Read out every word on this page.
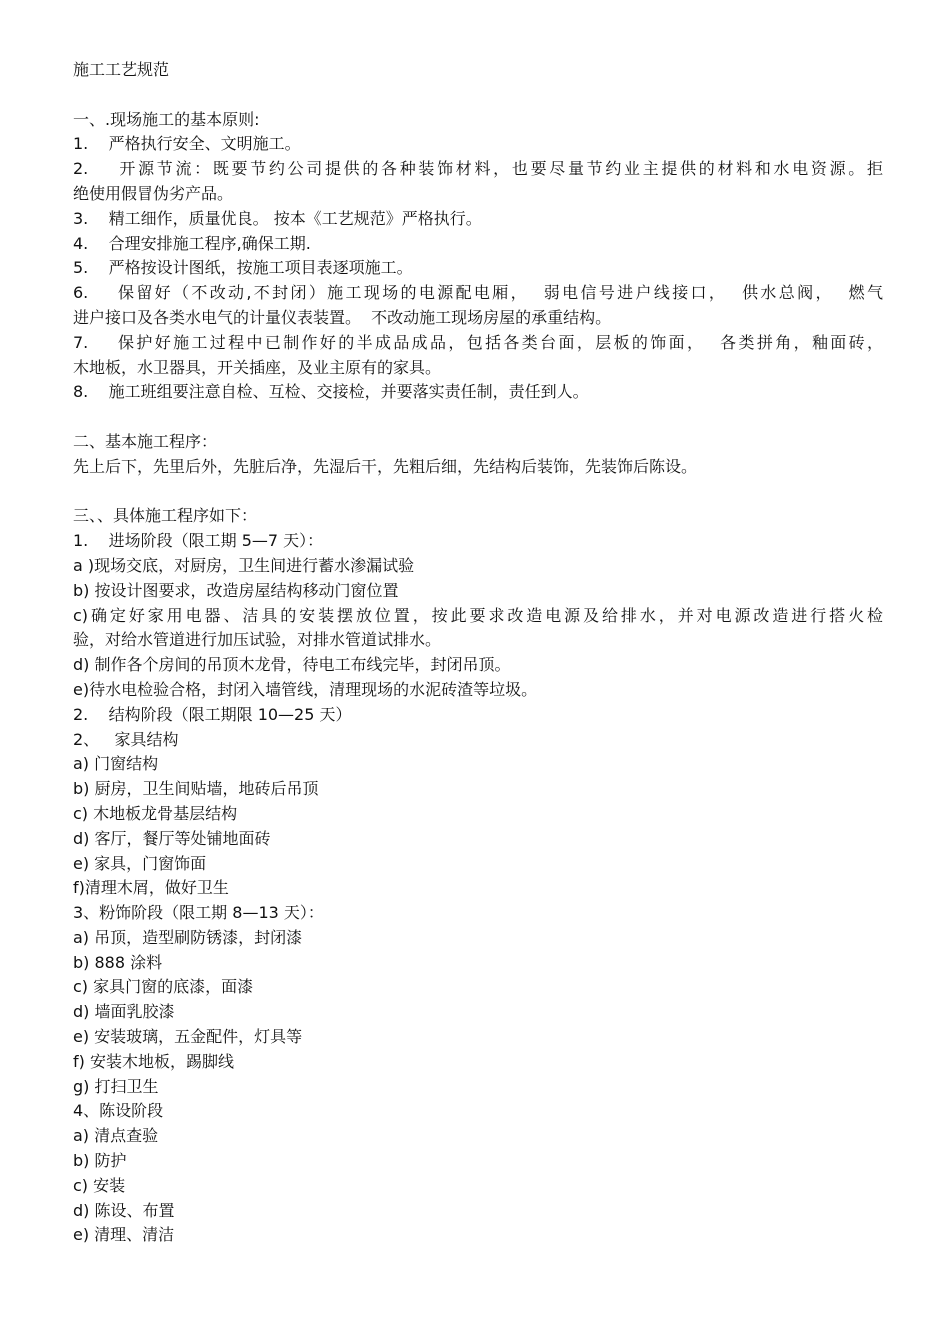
施工工艺规范
一、.现场施工的基本原则:
1. 严格执行安全、文明施工。
2. 开源节流：既要节约公司提供的各种装饰材料，也要尽量节约业主提供的材料和水电资源。拒
绝使用假冒伪劣产品。
3. 精工细作，质量优良。 按本《工艺规范》严格执行。
4. 合理安排施工程序,确保工期.
5. 严格按设计图纸，按施工项目表逐项施工。
6. 保留好（不改动,不封闭）施工现场的电源配电厢，  弱电信号进户线接口，  供水总阀，  燃气
进户接口及各类水电气的计量仪表装置。  不改动施工现场房屋的承重结构。
7. 保护好施工过程中已制作好的半成品成品，包括各类台面，层板的饰面，  各类拼角，釉面砖，
木地板，水卫器具，开关插座，及业主原有的家具。
8. 施工班组要注意自检、互检、交接检，并要落实责任制，责任到人。
二、基本施工程序：
先上后下，先里后外，先脏后净，先湿后干，先粗后细，先结构后装饰，先装饰后陈设。
三、、具体施工程序如下：
1.    进场阶段（限工期 5—7 天）：
a )现场交底，对厨房，卫生间进行蓄水渗漏试验
b) 按设计图要求，改造房屋结构移动门窗位置
c)确定好家用电器、洁具的安装摆放位置，按此要求改造电源及给排水，并对电源改造进行搭火检
验，对给水管道进行加压试验，对排水管道试排水。
d) 制作各个房间的吊顶木龙骨，待电工布线完毕，封闭吊顶。
e)待水电检验合格，封闭入墙管线，清理现场的水泥砖渣等垃圾。
2.    结构阶段（限工期限 10—25 天）
2、   家具结构
a) 门窗结构
b) 厨房，卫生间贴墙，地砖后吊顶
c) 木地板龙骨基层结构
d) 客厅，餐厅等处铺地面砖
e) 家具，门窗饰面
f)清理木屑，做好卫生
3、粉饰阶段（限工期 8—13 天）：
a) 吊顶，造型刷防锈漆，封闭漆
b) 888 涂料
c) 家具门窗的底漆，面漆
d) 墙面乳胶漆
e) 安装玻璃，五金配件，灯具等
f) 安装木地板，踢脚线
g) 打扫卫生
4、陈设阶段
a) 清点查验
b) 防护
c) 安装
d) 陈设、布置
e) 清理、清洁
